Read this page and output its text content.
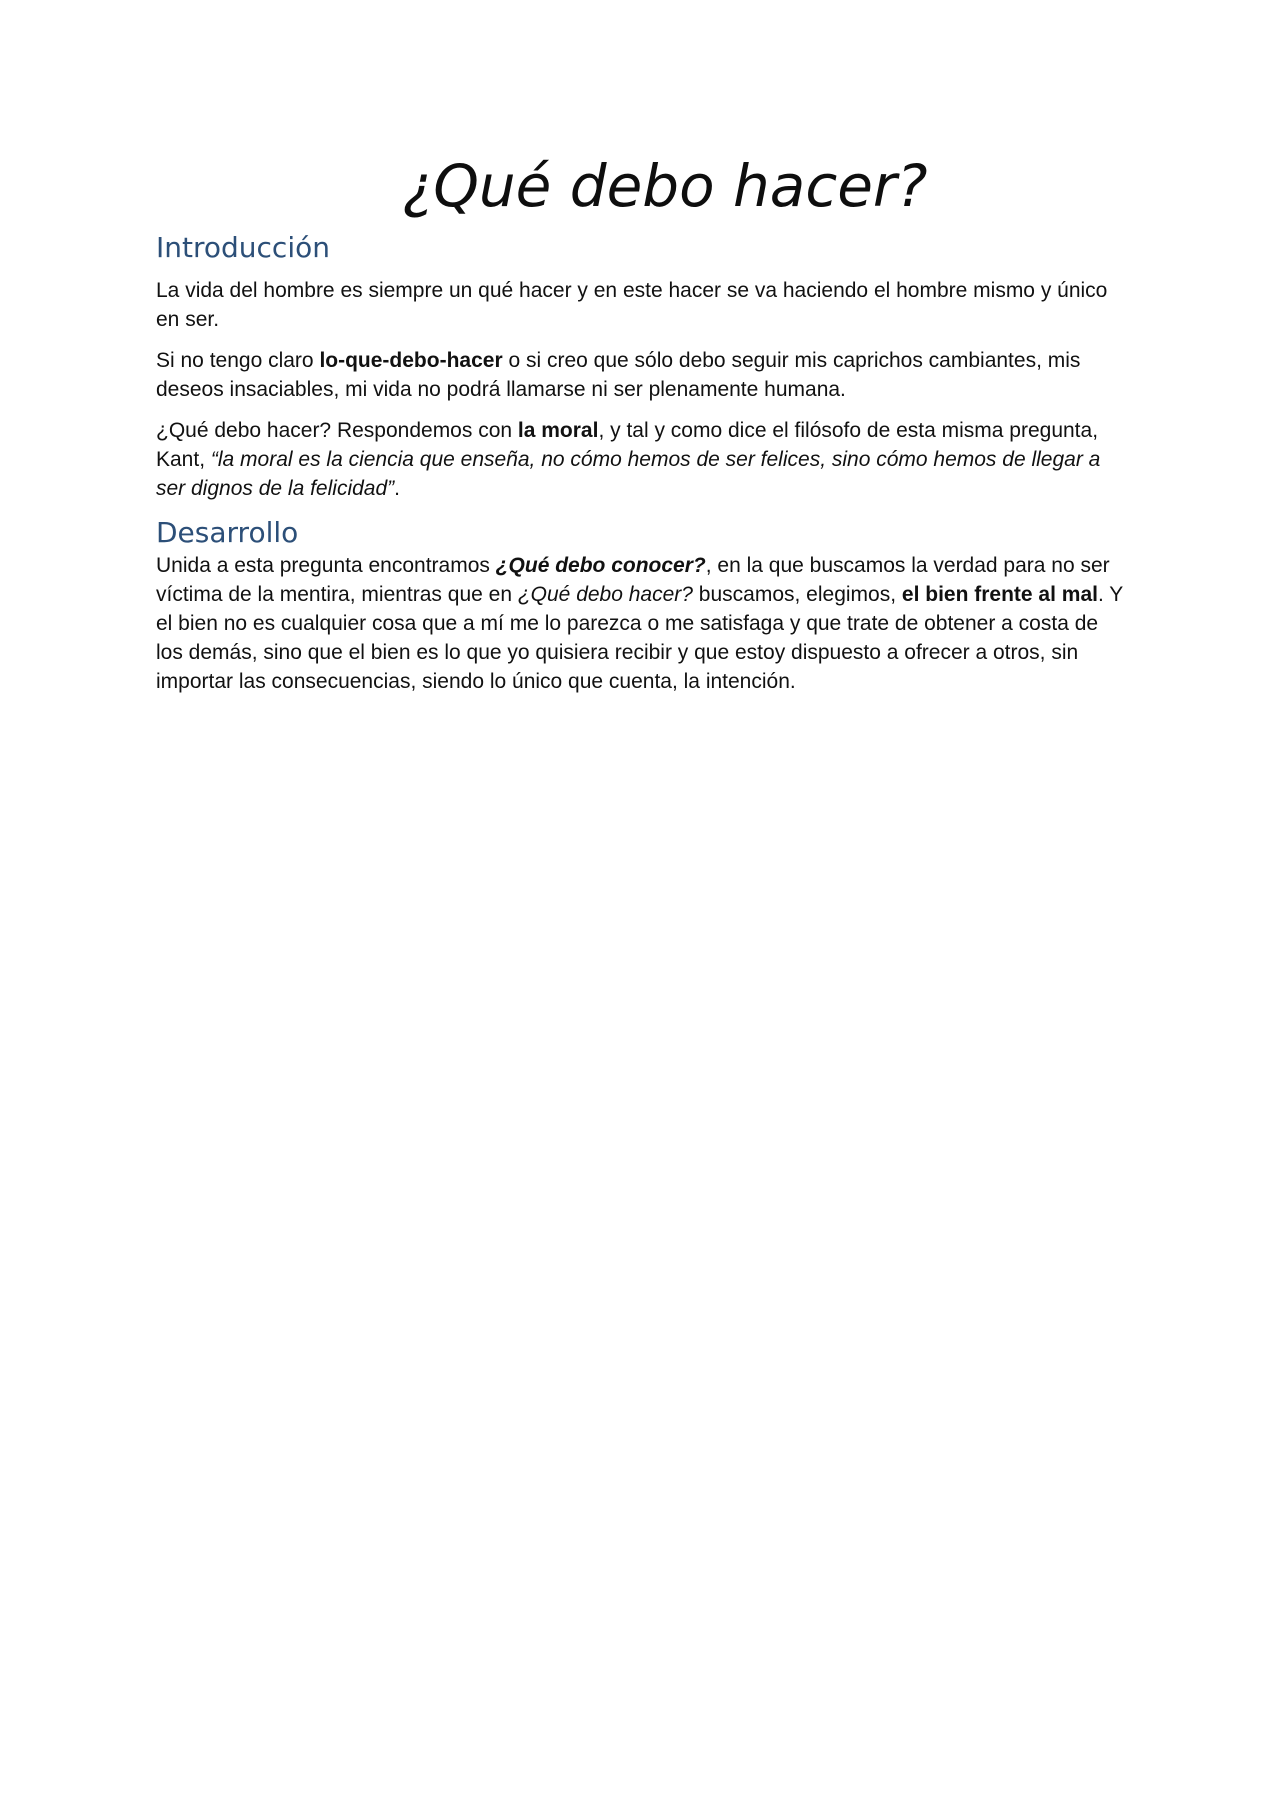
¿Qué debo hacer?
Introducción

La vida del hombre es siempre un qué hacer y en este hacer se va haciendo el hombre mismo y único en ser.

Si no tengo claro lo-que-debo-hacer o si creo que sólo debo seguir mis caprichos cambiantes, mis deseos insaciables, mi vida no podrá llamarse ni ser plenamente humana.

¿Qué debo hacer? Respondemos con la moral, y tal y como dice el filósofo de esta misma pregunta, Kant, “la moral es la ciencia que enseña, no cómo hemos de ser felices, sino cómo hemos de llegar a ser dignos de la felicidad”.

Desarrollo

Unida a esta pregunta encontramos ¿Qué debo conocer?, en la que buscamos la verdad para no ser víctima de la mentira, mientras que en ¿Qué debo hacer? buscamos, elegimos, el bien frente al mal. Y el bien no es cualquier cosa que a mí me lo parezca o me satisfaga y que trate de obtener a costa de los demás, sino que el bien es lo que yo quisiera recibir y que estoy dispuesto a ofrecer a otros, sin importar las consecuencias, siendo lo único que cuenta, la intención.
